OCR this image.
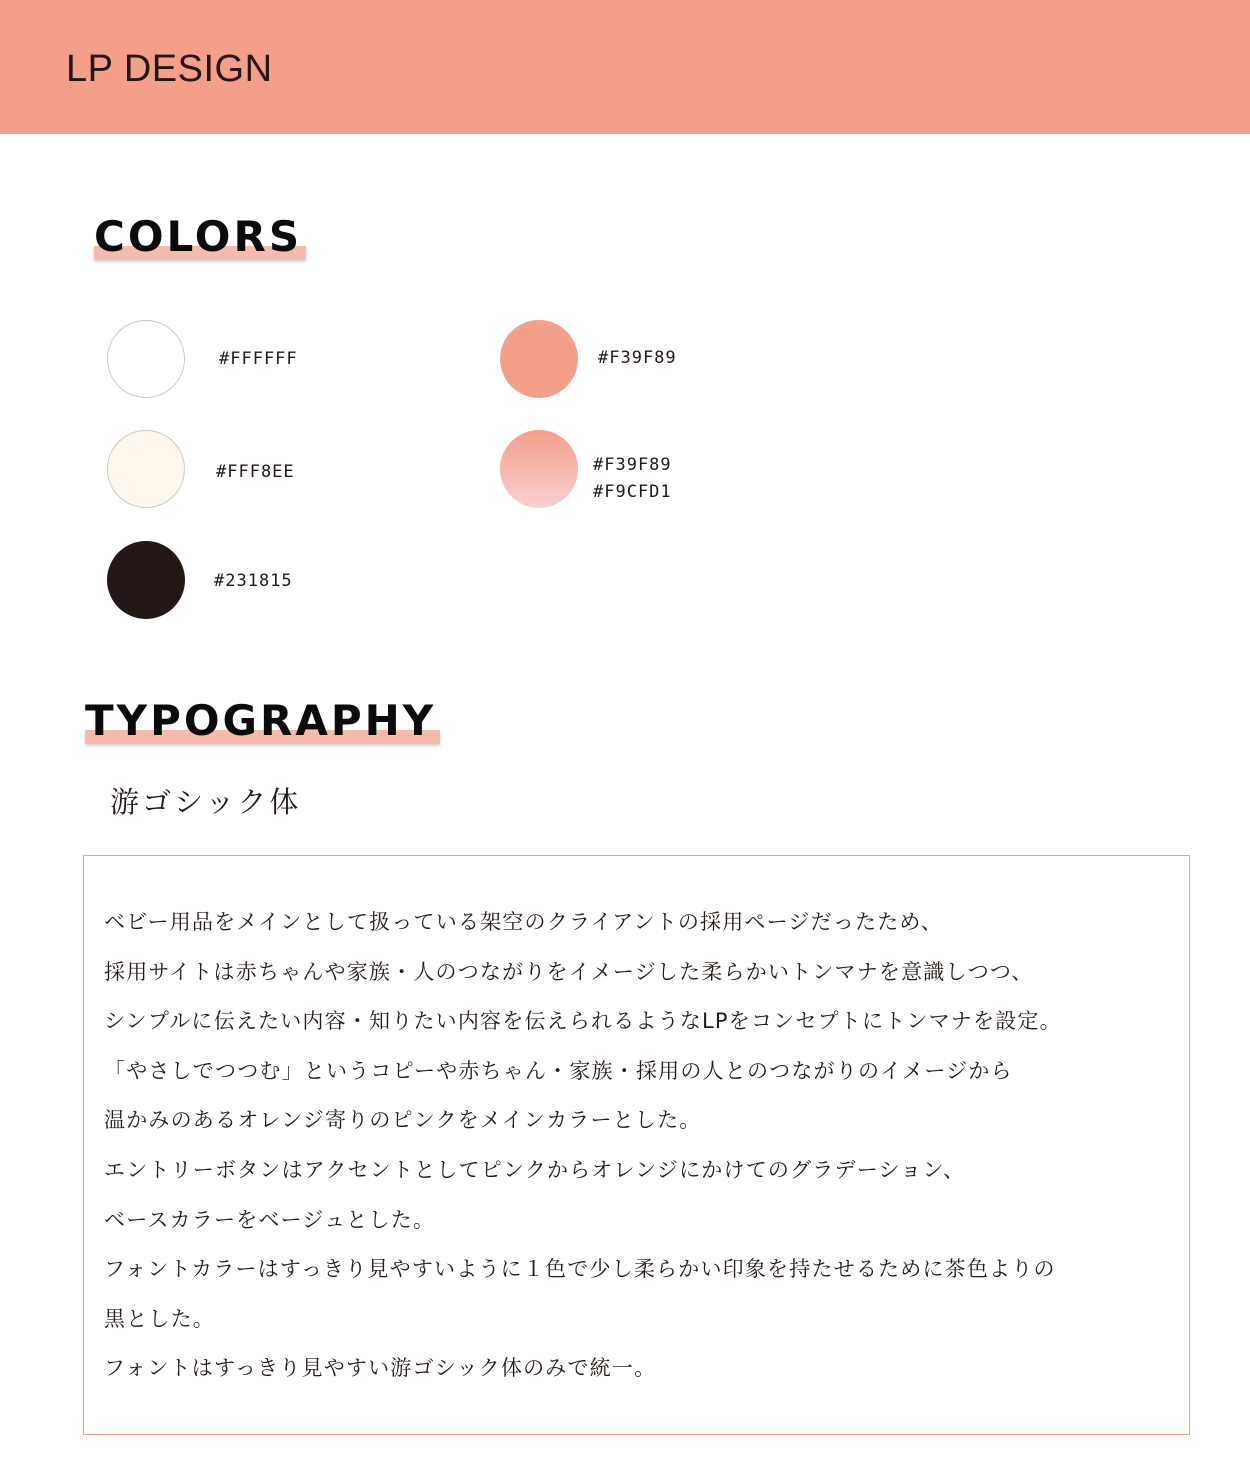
LP DESIGN
COLORS
#FFFFFF	#F39F89
#FFF8EE	#F39F89
#F9CFD1
#231815
TYPOGRAPHY
游ゴシック体
ベビー用品をメインとして扱っている架空のクライアントの採用ページだったため、
採用サイトは赤ちゃんや家族・人のつながりをイメージした柔らかいトンマナを意識しつつ、
シンプルに伝えたい内容・知りたい内容を伝えられるようなLPをコンセプトにトンマナを設定。
「やさしでつつむ」というコピーや赤ちゃん・家族・採用の人とのつながりのイメージから
温かみのあるオレンジ寄りのピンクをメインカラーとした。
エントリーボタンはアクセントとしてピンクからオレンジにかけてのグラデーション、
ベースカラーをベージュとした。
フォントカラーはすっきり見やすいように１色で少し柔らかい印象を持たせるために茶色よりの
黒とした。
フォントはすっきり見やすい游ゴシック体のみで統一。
